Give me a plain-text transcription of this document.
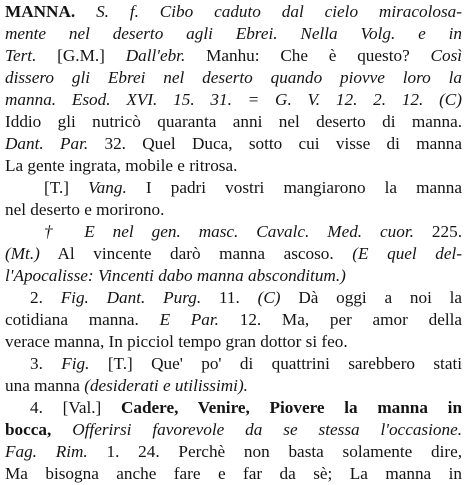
MANNA. S. f. Cibo caduto dal cielo miracolosa-
mente nel deserto agli Ebrei. Nella Volg. e in
Tert. [G.M.] Dall'ebr. Manhu: Che è questo? Così
dissero gli Ebrei nel deserto quando piovve loro la
manna. Esod. XVI. 15. 31. = G. V. 12. 2. 12. (C)
Iddio gli nutricò quaranta anni nel deserto di manna.
Dant. Par. 32. Quel Duca, sotto cui visse di manna
La gente ingrata, mobile e ritrosa.
[T.] Vang. I padri vostri mangiarono la manna
nel deserto e morirono.
† E nel gen. masc. Cavalc. Med. cuor. 225.
(Mt.) Al vincente darò manna ascoso. (E quel del-
l'Apocalisse: Vincenti dabo manna absconditum.)
2. Fig. Dant. Purg. 11. (C) Dà oggi a noi la
cotidiana manna. E Par. 12. Ma, per amor della
verace manna, In picciol tempo gran dottor si feo.
3. Fig. [T.] Que' po' di quattrini sarebbero stati
una manna (desiderati e utilissimi).
4. [Val.] Cadere, Venire, Piovere la manna in
bocca, Offerirsi favorevole da se stessa l'occasione.
Fag. Rim. 1. 24. Perchè non basta solamente dire,
Ma bisogna anche fare e far da sè; La manna in
